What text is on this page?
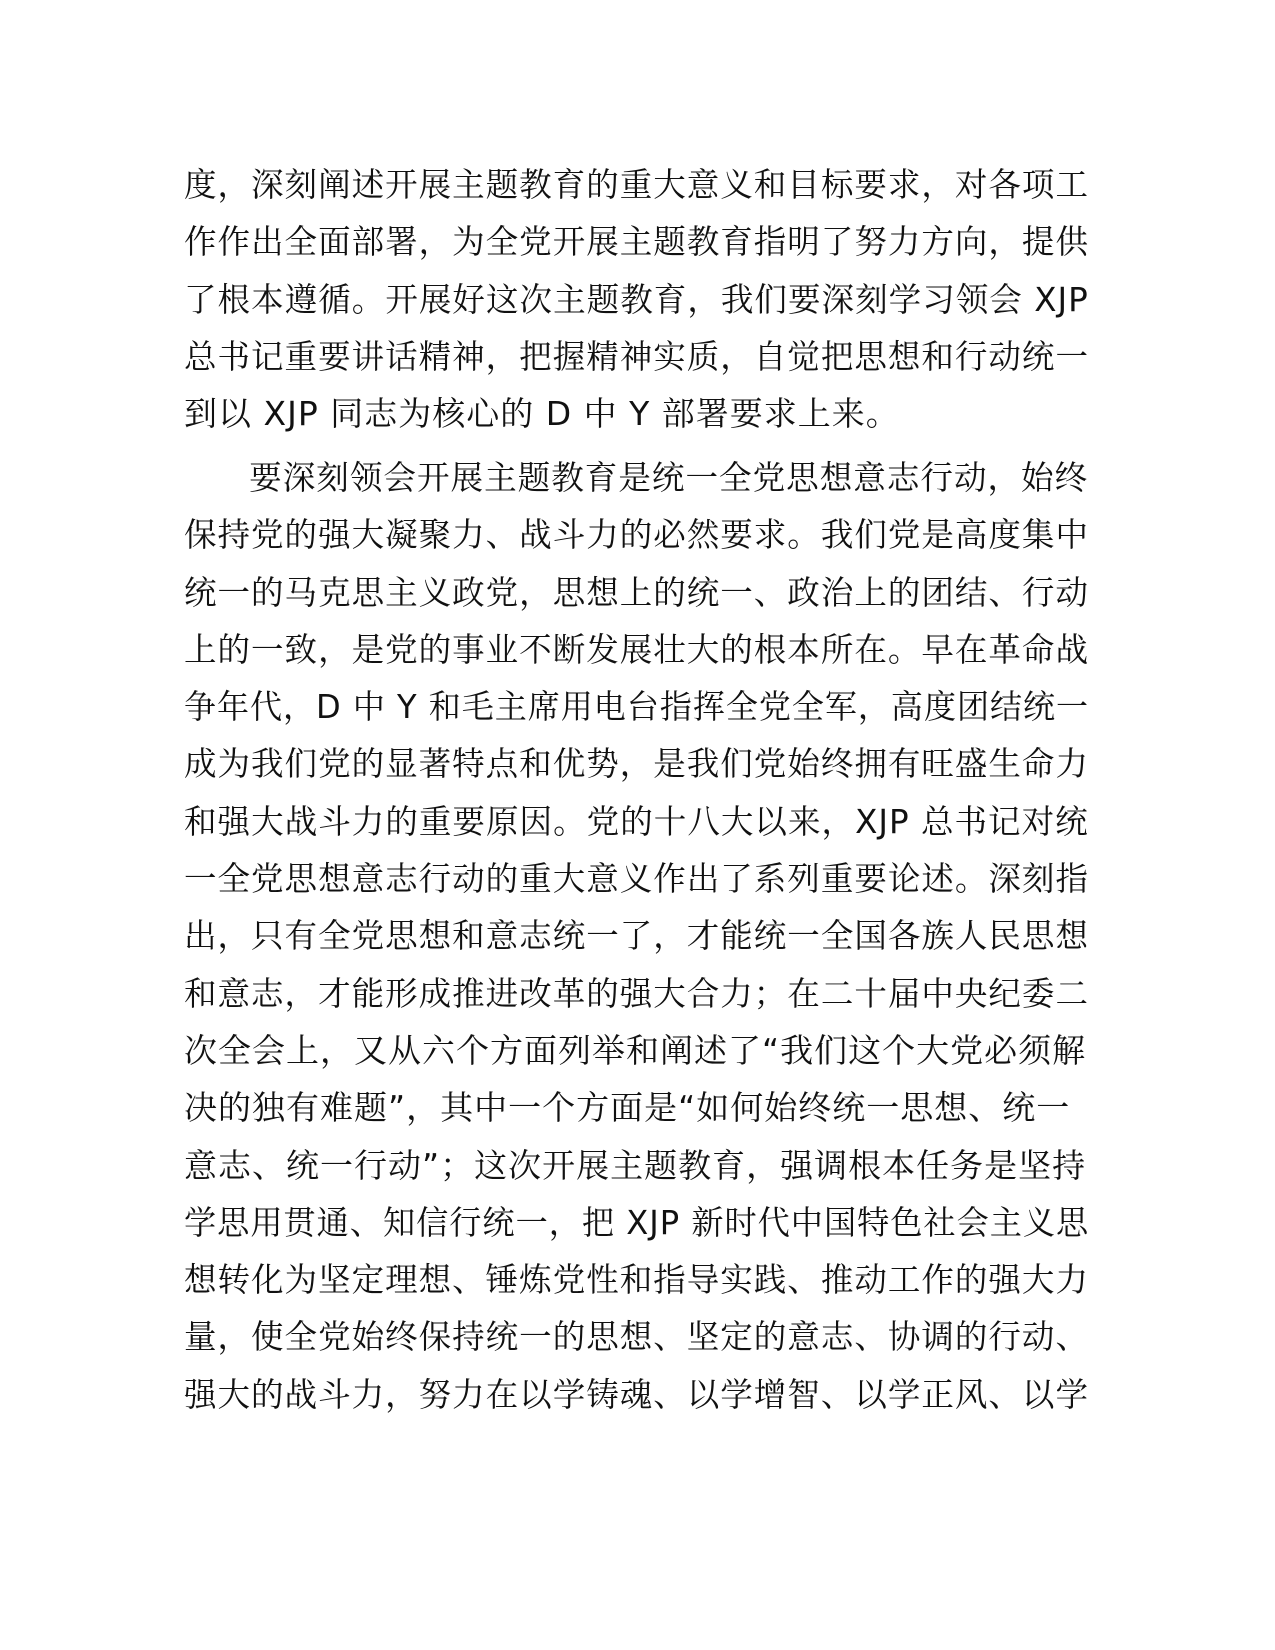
度，深刻阐述开展主题教育的重大意义和目标要求，对各项工
作作出全面部署，为全党开展主题教育指明了努力方向，提供
了根本遵循。开展好这次主题教育，我们要深刻学习领会 XJP
总书记重要讲话精神，把握精神实质，自觉把思想和行动统一
到以 XJP 同志为核心的 D 中 Y 部署要求上来。
要深刻领会开展主题教育是统一全党思想意志行动，始终
保持党的强大凝聚力、战斗力的必然要求。我们党是高度集中
统一的马克思主义政党，思想上的统一、政治上的团结、行动
上的一致，是党的事业不断发展壮大的根本所在。早在革命战
争年代，D 中 Y 和毛主席用电台指挥全党全军，高度团结统一
成为我们党的显著特点和优势，是我们党始终拥有旺盛生命力
和强大战斗力的重要原因。党的十八大以来，XJP 总书记对统
一全党思想意志行动的重大意义作出了系列重要论述。深刻指
出，只有全党思想和意志统一了，才能统一全国各族人民思想
和意志，才能形成推进改革的强大合力；在二十届中央纪委二
次全会上，又从六个方面列举和阐述了“我们这个大党必须解
决的独有难题”，其中一个方面是“如何始终统一思想、统一
意志、统一行动”；这次开展主题教育，强调根本任务是坚持
学思用贯通、知信行统一，把 XJP 新时代中国特色社会主义思
想转化为坚定理想、锤炼党性和指导实践、推动工作的强大力
量，使全党始终保持统一的思想、坚定的意志、协调的行动、
强大的战斗力，努力在以学铸魂、以学增智、以学正风、以学
